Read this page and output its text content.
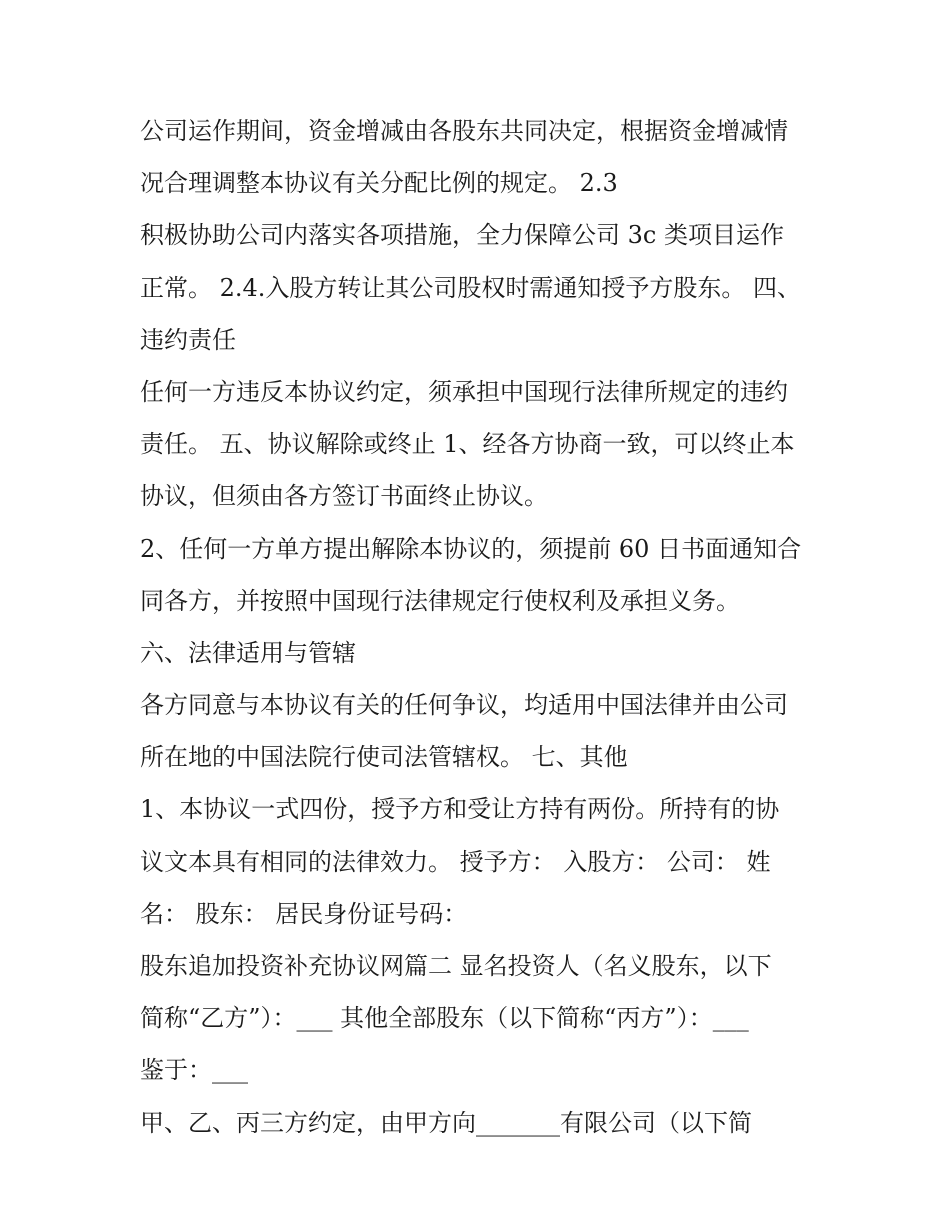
公司运作期间，资金增减由各股东共同决定，根据资金增减情
况合理调整本协议有关分配比例的规定。 2.3
积极协助公司内落实各项措施，全力保障公司 3c 类项目运作
正常。 2.4.入股方转让其公司股权时需通知授予方股东。 四、
违约责任
任何一方违反本协议约定，须承担中国现行法律所规定的违约
责任。 五、协议解除或终止 1、经各方协商一致，可以终止本
协议，但须由各方签订书面终止协议。
2、任何一方单方提出解除本协议的，须提前 60 日书面通知合
同各方，并按照中国现行法律规定行使权利及承担义务。
六、法律适用与管辖
各方同意与本协议有关的任何争议，均适用中国法律并由公司
所在地的中国法院行使司法管辖权。 七、其他
1、本协议一式四份，授予方和受让方持有两份。所持有的协
议文本具有相同的法律效力。 授予方： 入股方： 公司： 姓
名： 股东： 居民身份证号码：
股东追加投资补充协议网篇二 显名投资人（名义股东，以下
简称“乙方”）：___ 其他全部股东（以下简称“丙方”）：___
鉴于：___
甲、乙、丙三方约定，由甲方向_______有限公司（以下简
